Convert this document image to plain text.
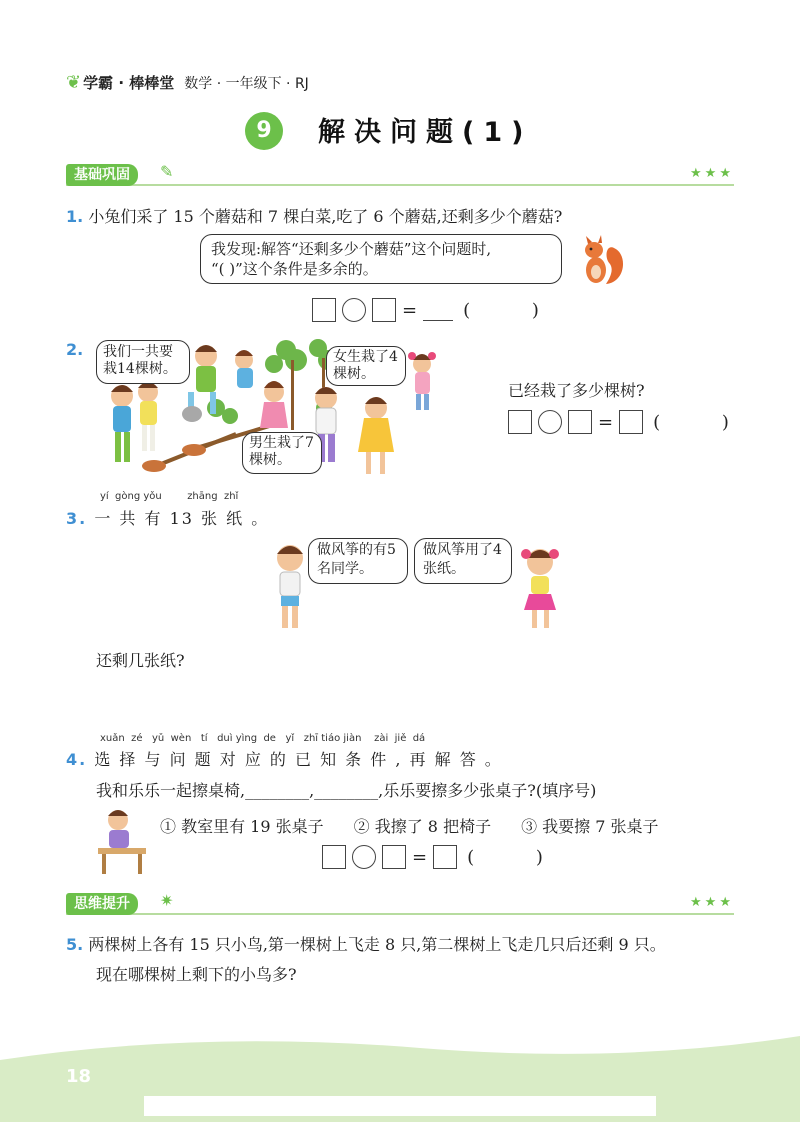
❦ 学霸 · 棒棒堂 数学 · 一年级下 · RJ
9	解决问题(1)
基础巩固	✎	★★★
1. 小兔们采了 15 个蘑菇和 7 棵白菜,吃了 6 个蘑菇,还剩多少个蘑菇?
我发现:解答“还剩多少个蘑菇”这个问题时,
“( )”这个条件是多余的。
=	( )
2.	我们一共要栽14棵树。
女生栽了4棵树。
男生栽了7棵树。
已经栽了多少棵树?
= ( )
yí  gòng yǒu        zhāng  zhǐ
3. 一 共 有 13 张 纸 。
做风筝的有5名同学。
做风筝用了4张纸。
还剩几张纸?
xuǎn  zé   yǔ  wèn   tí   duì yìng  de   yǐ   zhī tiáo jiàn    zài  jiě  dá
4. 选 择 与 问 题 对 应 的 已 知 条 件 , 再 解 答 。
我和乐乐一起擦桌椅,________,________,乐乐要擦多少张桌子?(填序号)
① 教室里有 19 张桌子 ② 我擦了 8 把椅子 ③ 我要擦 7 张桌子
= ( )
思维提升	✷	★★★
5. 两棵树上各有 15 只小鸟,第一棵树上飞走 8 只,第二棵树上飞走几只后还剩 9 只。
现在哪棵树上剩下的小鸟多?
18
